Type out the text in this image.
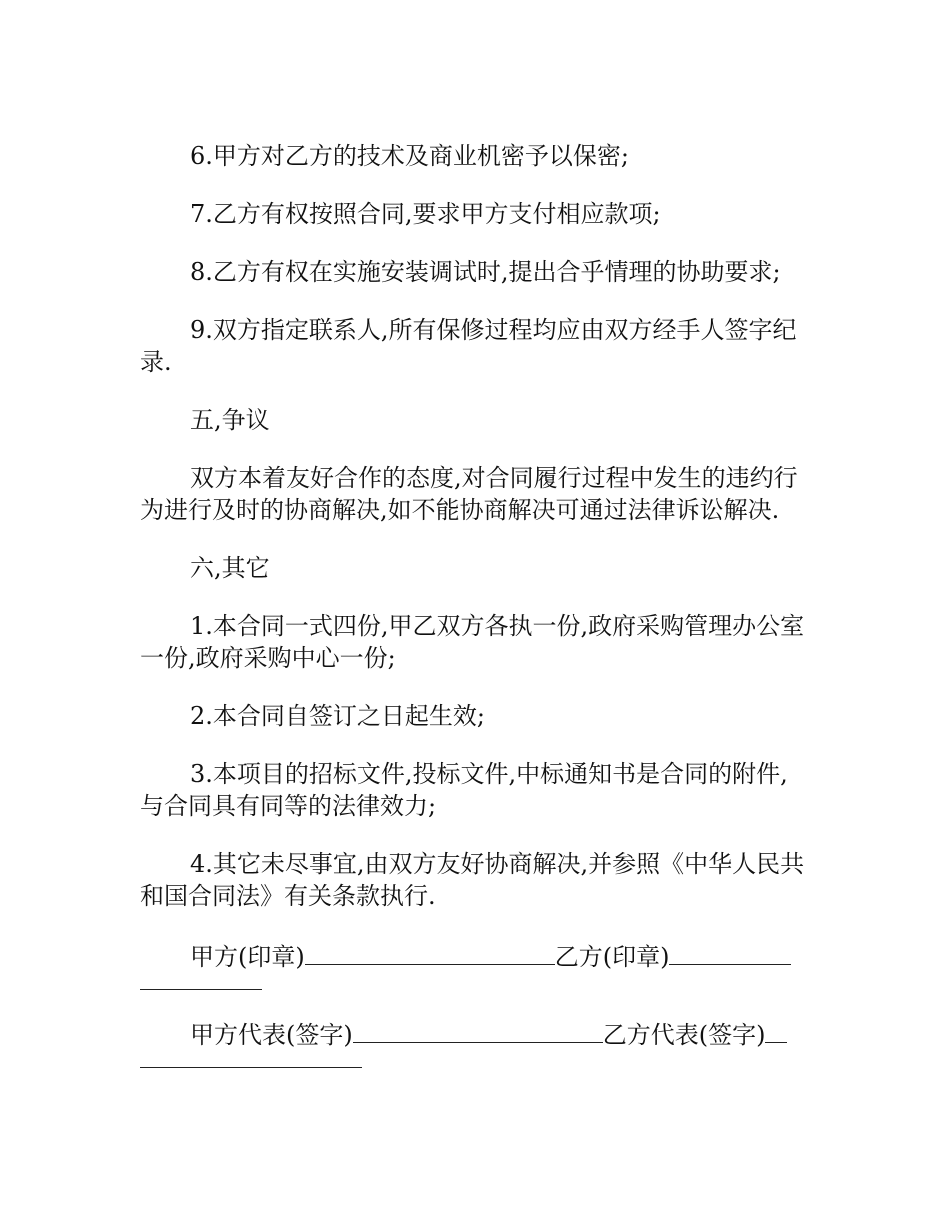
6.甲方对乙方的技术及商业机密予以保密;

7.乙方有权按照合同,要求甲方支付相应款项;

8.乙方有权在实施安装调试时,提出合乎情理的协助要求;

9.双方指定联系人,所有保修过程均应由双方经手人签字纪录.

五,争议

双方本着友好合作的态度,对合同履行过程中发生的违约行为进行及时的协商解决,如不能协商解决可通过法律诉讼解决.

六,其它

1.本合同一式四份,甲乙双方各执一份,政府采购管理办公室一份,政府采购中心一份;

2.本合同自签订之日起生效;

3.本项目的招标文件,投标文件,中标通知书是合同的附件,与合同具有同等的法律效力;

4.其它未尽事宜,由双方友好协商解决,并参照《中华人民共和国合同法》有关条款执行.

甲方(印章)	乙方(印章)
甲方代表(签字)	乙方代表(签字)
